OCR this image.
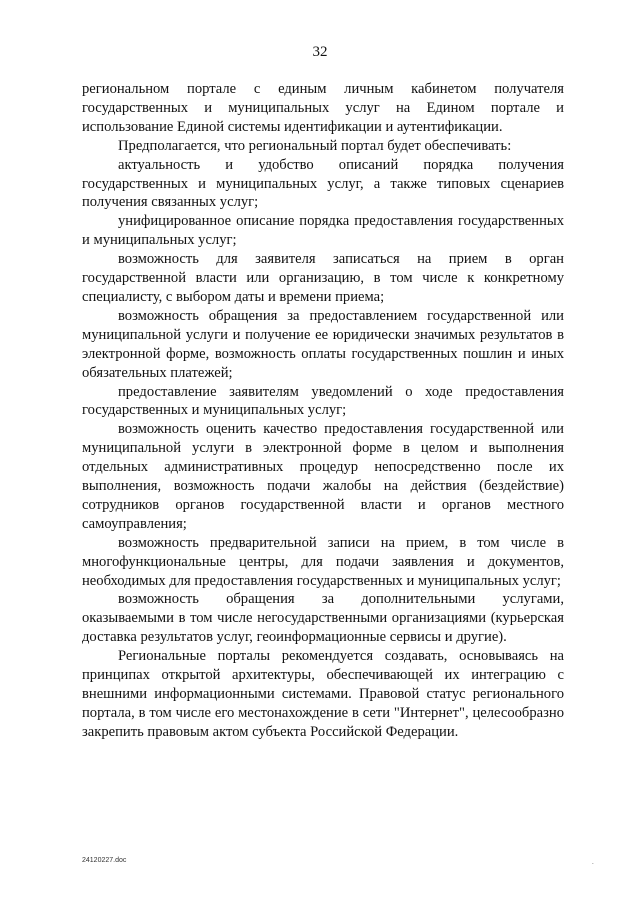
32

региональном портале с единым личным кабинетом получателя государственных и муниципальных услуг на Едином портале и использование Единой системы идентификации и аутентификации.

Предполагается, что региональный портал будет обеспечивать:

актуальность и удобство описаний порядка получения государственных и муниципальных услуг, а также типовых сценариев получения связанных услуг;

унифицированное описание порядка предоставления государственных и муниципальных услуг;

возможность для заявителя записаться на прием в орган государственной власти или организацию, в том числе к конкретному специалисту, с выбором даты и времени приема;

возможность обращения за предоставлением государственной или муниципальной услуги и получение ее юридически значимых результатов в электронной форме, возможность оплаты государственных пошлин и иных обязательных платежей;

предоставление заявителям уведомлений о ходе предоставления государственных и муниципальных услуг;

возможность оценить качество предоставления государственной или муниципальной услуги в электронной форме в целом и выполнения отдельных административных процедур непосредственно после их выполнения, возможность подачи жалобы на действия (бездействие) сотрудников органов государственной власти и органов местного самоуправления;

возможность предварительной записи на прием, в том числе в многофункциональные центры, для подачи заявления и документов, необходимых для предоставления государственных и муниципальных услуг;

возможность обращения за дополнительными услугами, оказываемыми в том числе негосударственными организациями (курьерская доставка результатов услуг, геоинформационные сервисы и другие).

Региональные порталы рекомендуется создавать, основываясь на принципах открытой архитектуры, обеспечивающей их интеграцию с внешними информационными системами. Правовой статус регионального портала, в том числе его местонахождение в сети "Интернет", целесообразно закрепить правовым актом субъекта Российской Федерации.

24120227.doc	.
